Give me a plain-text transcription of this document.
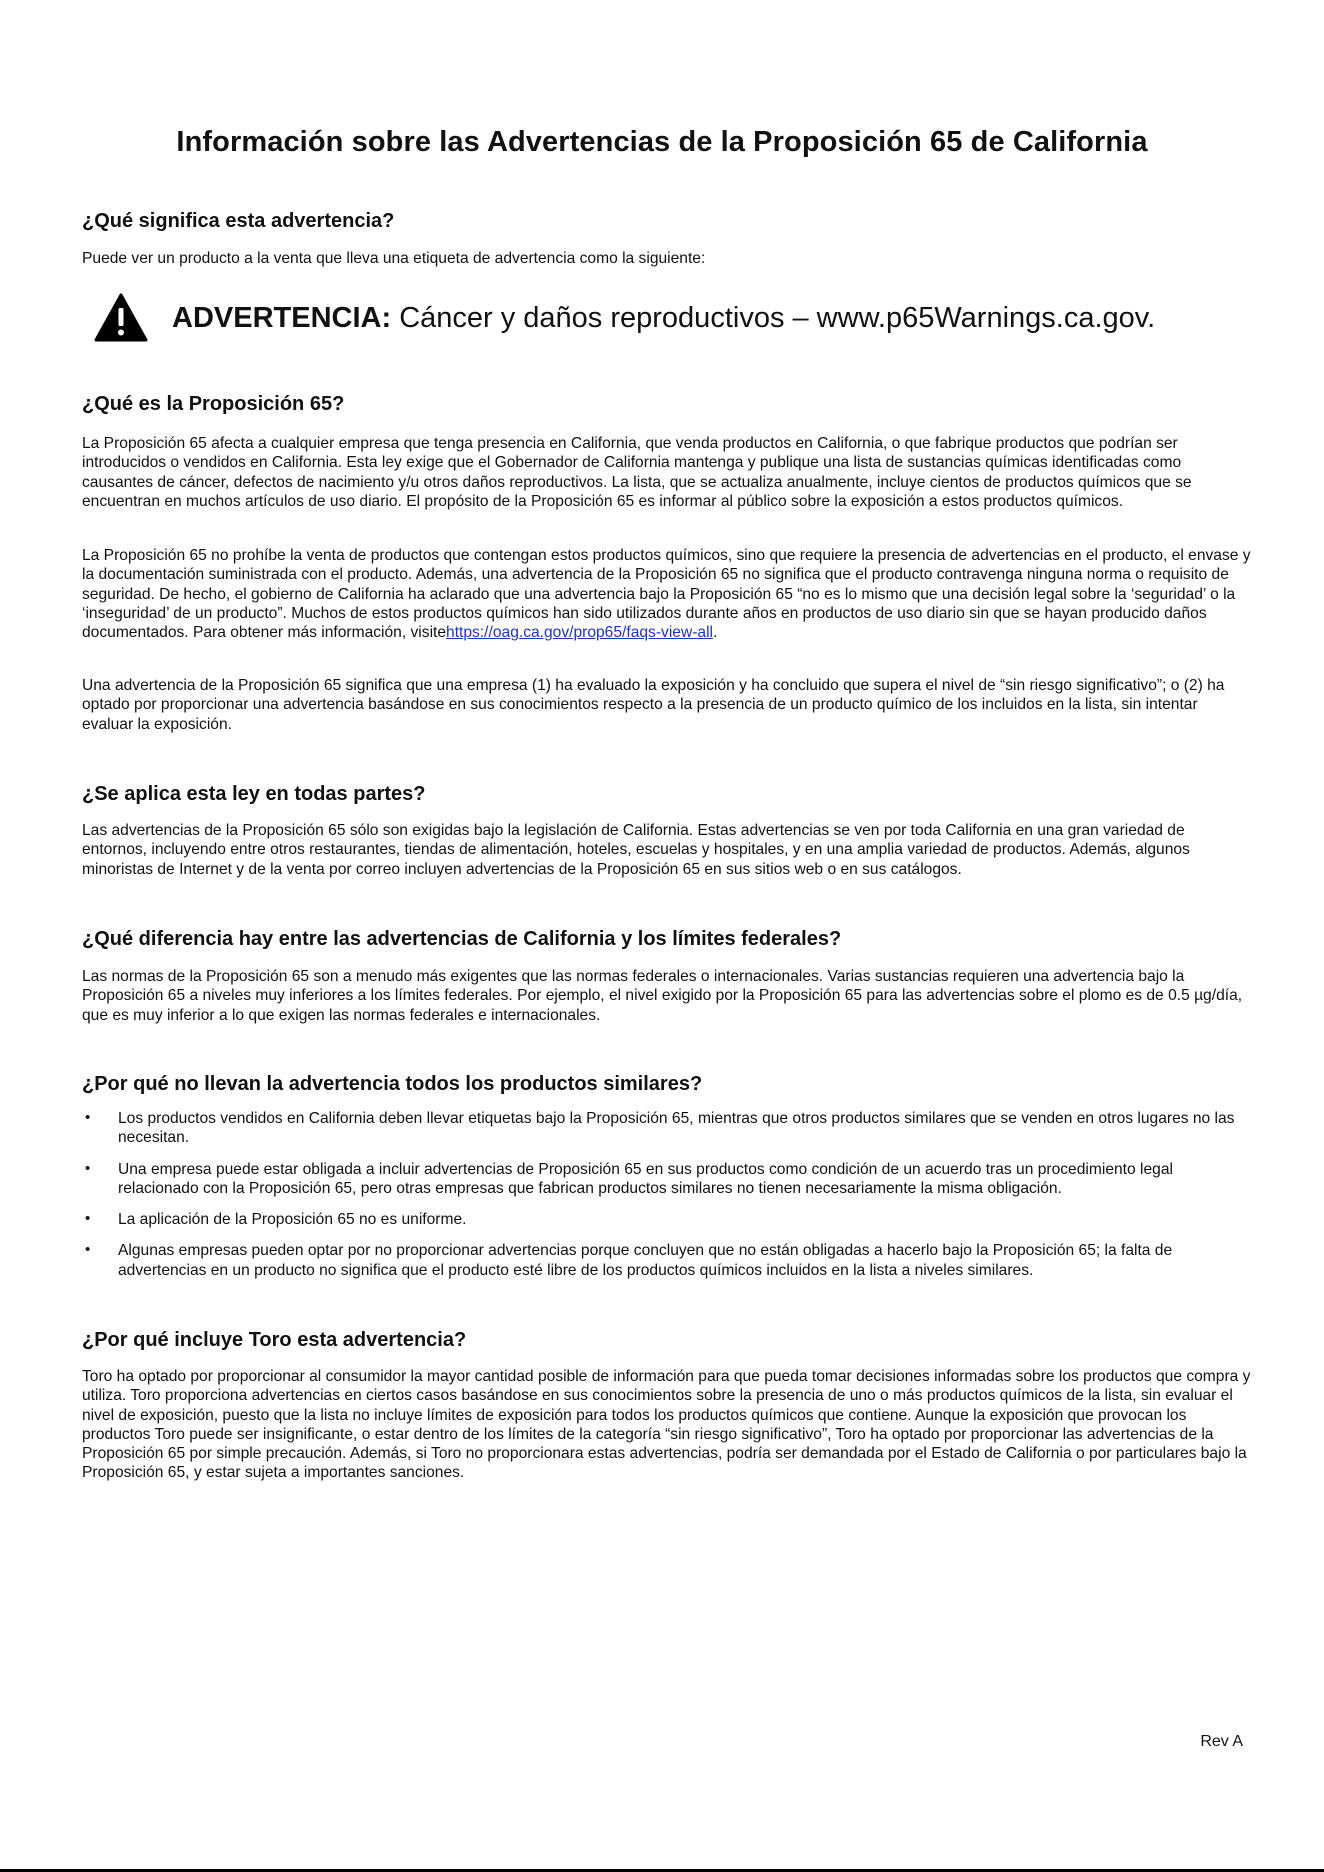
Información sobre las Advertencias de la Proposición 65 de California
¿Qué significa esta advertencia?

Puede ver un producto a la venta que lleva una etiqueta de advertencia como la siguiente:

ADVERTENCIA: Cáncer y daños reproductivos – www.p65Warnings.ca.gov.
¿Qué es la Proposición 65?

La Proposición 65 afecta a cualquier empresa que tenga presencia en California, que venda productos en California, o que fabrique productos que podrían ser introducidos o vendidos en California. Esta ley exige que el Gobernador de California mantenga y publique una lista de sustancias químicas identificadas como causantes de cáncer, defectos de nacimiento y/u otros daños reproductivos. La lista, que se actualiza anualmente, incluye cientos de productos químicos que se encuentran en muchos artículos de uso diario. El propósito de la Proposición 65 es informar al público sobre la exposición a estos productos químicos.

La Proposición 65 no prohíbe la venta de productos que contengan estos productos químicos, sino que requiere la presencia de advertencias en el producto, el envase y la documentación suministrada con el producto. Además, una advertencia de la Proposición 65 no significa que el producto contravenga ninguna norma o requisito de seguridad. De hecho, el gobierno de California ha aclarado que una advertencia bajo la Proposición 65 “no es lo mismo que una decisión legal sobre la ‘seguridad’ o la ‘inseguridad’ de un producto”. Muchos de estos productos químicos han sido utilizados durante años en productos de uso diario sin que se hayan producido daños documentados. Para obtener más información, visitehttps://oag.ca.gov/prop65/faqs-view-all.

Una advertencia de la Proposición 65 significa que una empresa (1) ha evaluado la exposición y ha concluido que supera el nivel de “sin riesgo significativo”; o (2) ha optado por proporcionar una advertencia basándose en sus conocimientos respecto a la presencia de un producto químico de los incluidos en la lista, sin intentar evaluar la exposición.

¿Se aplica esta ley en todas partes?

Las advertencias de la Proposición 65 sólo son exigidas bajo la legislación de California. Estas advertencias se ven por toda California en una gran variedad de entornos, incluyendo entre otros restaurantes, tiendas de alimentación, hoteles, escuelas y hospitales, y en una amplia variedad de productos. Además, algunos minoristas de Internet y de la venta por correo incluyen advertencias de la Proposición 65 en sus sitios web o en sus catálogos.

¿Qué diferencia hay entre las advertencias de California y los límites federales?

Las normas de la Proposición 65 son a menudo más exigentes que las normas federales o internacionales. Varias sustancias requieren una advertencia bajo la Proposición 65 a niveles muy inferiores a los límites federales. Por ejemplo, el nivel exigido por la Proposición 65 para las advertencias sobre el plomo es de 0.5 µg/día, que es muy inferior a lo que exigen las normas federales e internacionales.

¿Por qué no llevan la advertencia todos los productos similares?
• Los productos vendidos en California deben llevar etiquetas bajo la Proposición 65, mientras que otros productos similares que se venden en otros lugares no las necesitan.
• Una empresa puede estar obligada a incluir advertencias de Proposición 65 en sus productos como condición de un acuerdo tras un procedimiento legal relacionado con la Proposición 65, pero otras empresas que fabrican productos similares no tienen necesariamente la misma obligación.
• La aplicación de la Proposición 65 no es uniforme.
• Algunas empresas pueden optar por no proporcionar advertencias porque concluyen que no están obligadas a hacerlo bajo la Proposición 65; la falta de advertencias en un producto no significa que el producto esté libre de los productos químicos incluidos en la lista a niveles similares.
¿Por qué incluye Toro esta advertencia?

Toro ha optado por proporcionar al consumidor la mayor cantidad posible de información para que pueda tomar decisiones informadas sobre los productos que compra y utiliza. Toro proporciona advertencias en ciertos casos basándose en sus conocimientos sobre la presencia de uno o más productos químicos de la lista, sin evaluar el nivel de exposición, puesto que la lista no incluye límites de exposición para todos los productos químicos que contiene. Aunque la exposición que provocan los productos Toro puede ser insignificante, o estar dentro de los límites de la categoría “sin riesgo significativo”, Toro ha optado por proporcionar las advertencias de la Proposición 65 por simple precaución. Además, si Toro no proporcionara estas advertencias, podría ser demandada por el Estado de California o por particulares bajo la Proposición 65, y estar sujeta a importantes sanciones.

Rev A
